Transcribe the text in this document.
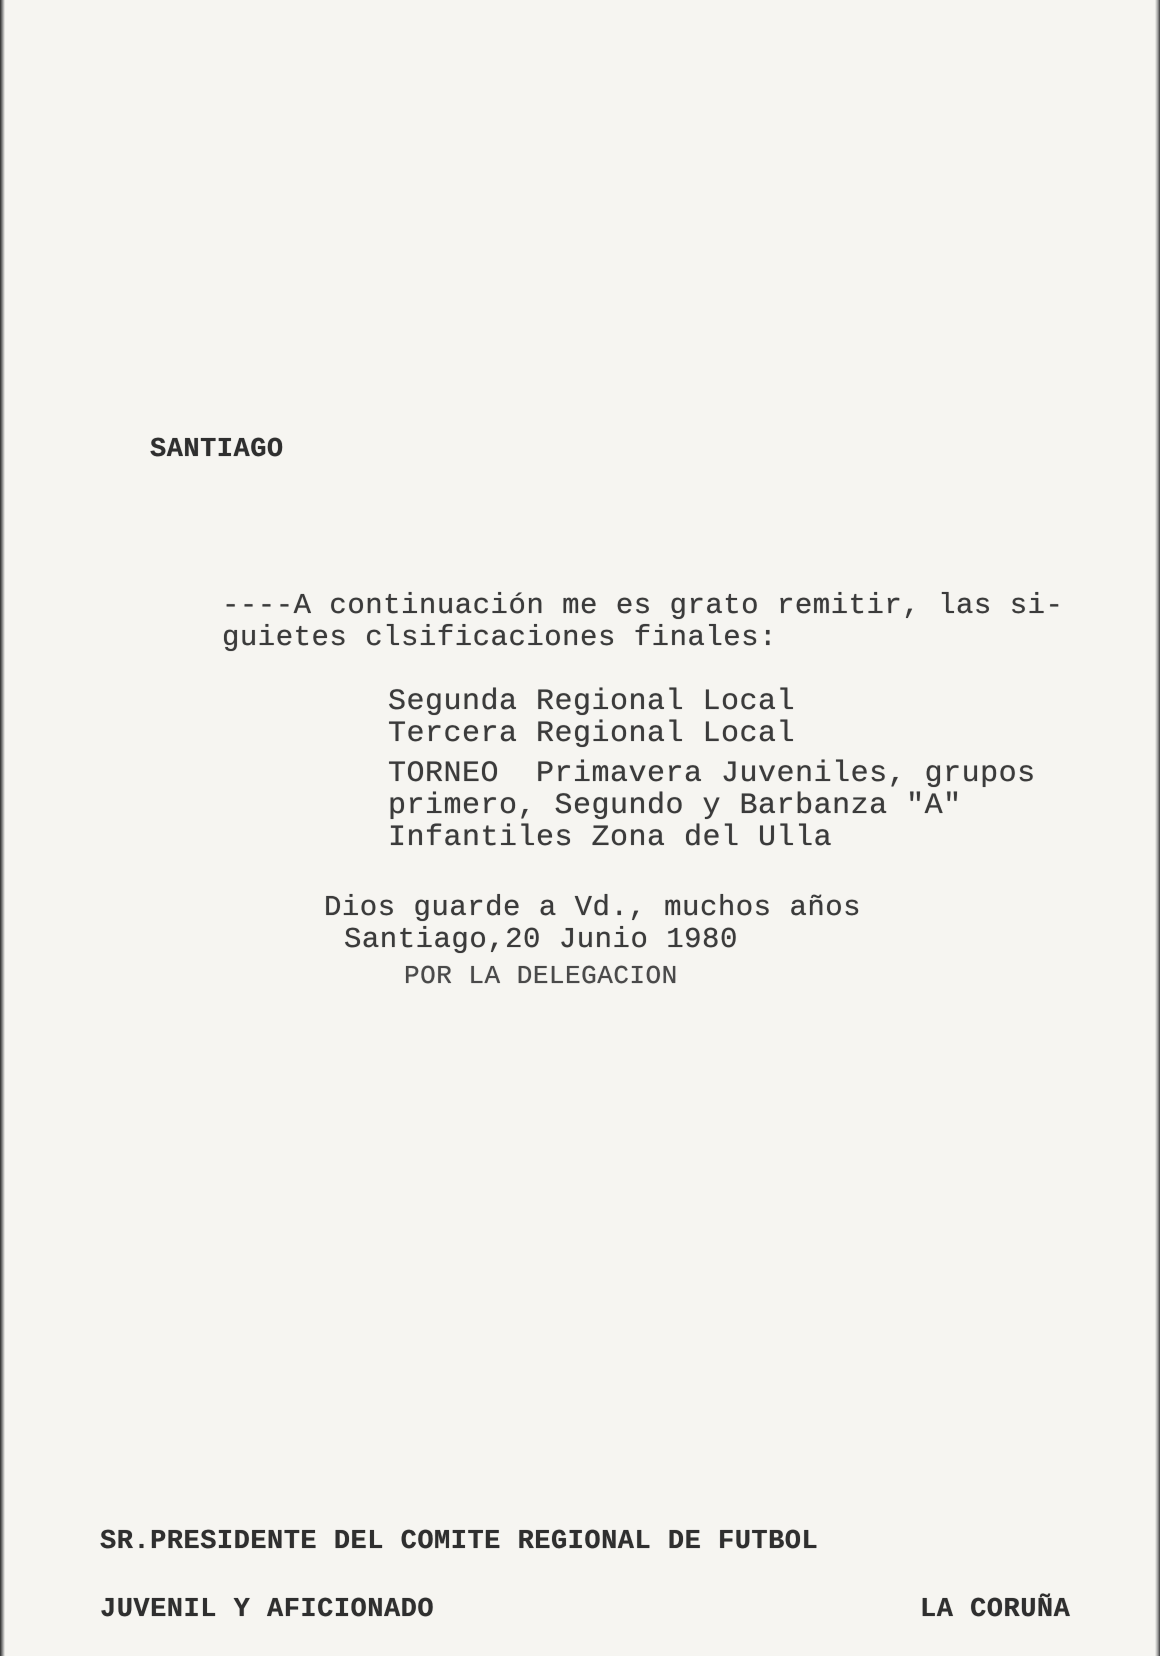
SANTIAGO

----A continuación me es grato remitir, las si-

guietes clsificaciones finales:

Segunda Regional Local

Tercera Regional Local

TORNEO  Primavera Juveniles, grupos

primero, Segundo y Barbanza "A"

Infantiles Zona del Ulla

Dios guarde a Vd., muchos años

Santiago,20 Junio 1980

POR LA DELEGACION

SR.PRESIDENTE DEL COMITE REGIONAL DE FUTBOL

JUVENIL Y AFICIONADO	LA CORUÑA
